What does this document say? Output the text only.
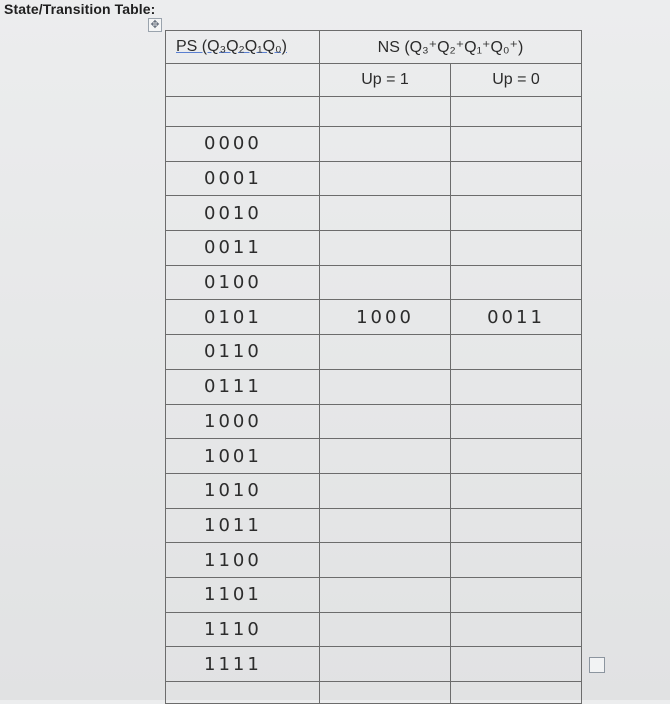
State/Transition Table:
✥
PS (Q₃Q₂Q₁Q₀)	NS (Q₃⁺Q₂⁺Q₁⁺Q₀⁺)	
	Up = 1	Up = 0

0000		
0001		
0010		
0011		
0100		
0101	1000	0011
0110		
0111		
1000		
1001		
1010		
1011		
1100		
1101		
1110		
1111		
